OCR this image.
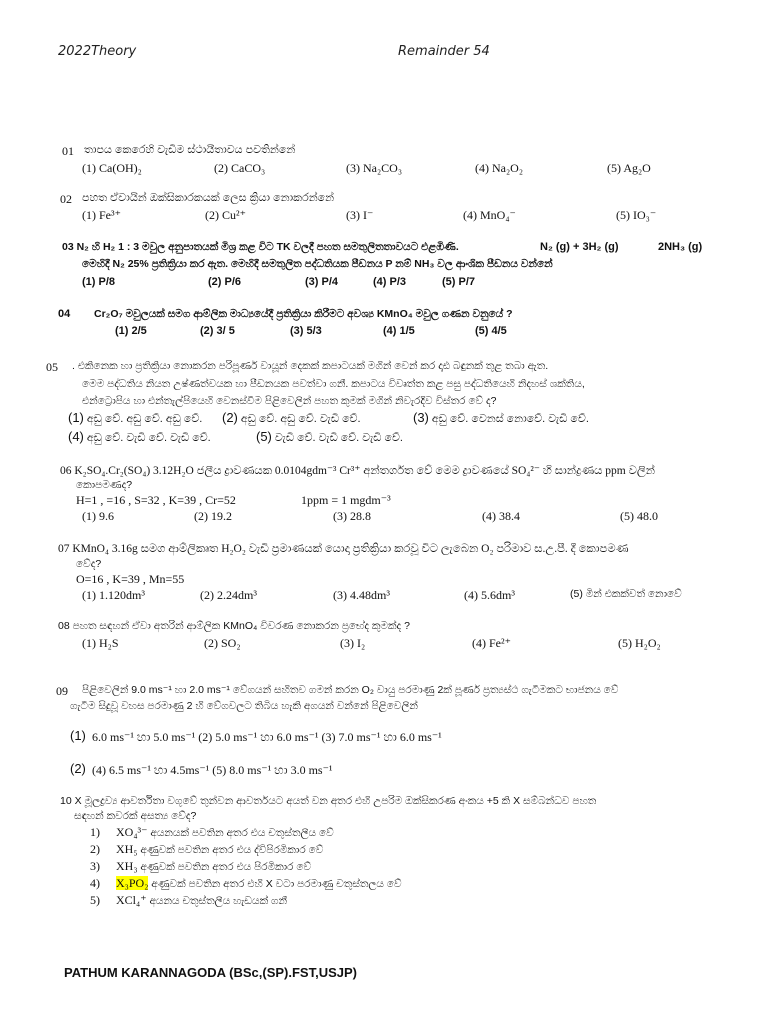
2022Theory	Remainder 54
01 තාපය කෙරෙහි වැඩිම ස්ථායීතාවය පවතින්නේ
(1) Ca(OH)₂	(2) CaCO₃	(3) Na₂CO₃	(4) Na₂O₂	(5) Ag₂O
02 පහත ඒවායින් ඔක්සිකාරකයක් ලෙස ක්‍රියා නොකරන්නේ
(1) Fe³⁺	(2) Cu²⁺	(3) I⁻	(4) MnO₄⁻	(5) IO₃⁻
03 N₂ හි H₂ 1 : 3 මවුල අනුපාතයක් මිශ්‍ර කළ විට TK වලදී පහත සමතුලිතතාවයට එළඹිණි.	N₂ (g) + 3H₂ (g)	2NH₃ (g)
මෙහිදී N₂ 25% ප්‍රතික්‍රියා කර ඇත. මෙහිදී සමතුලිත පද්ධතියක පීඩනය P නම් NH₃ වල ආංශික පීඩනය වන්නේ
(1) P/8	(2) P/6	(3) P/4	(4) P/3	(5) P/7
04 Cr₂O₇ මවුලයක් සමග ආම්ලික මාධ්‍යයේදී ප්‍රතික්‍රියා කිරීමට අවශ්‍ය KMnO₄ මවුල ගණන වනුයේ ?
(1) 2/5	(2) 3/ 5	(3) 5/3	(4) 1/5	(5) 4/5
05 . එකිනෙක හා ප්‍රතික්‍රියා නොකරන පරිපූර්ණ වායූන් දෙකක් කපාටයක් මගින් වෙන් කර දෘඪ බඳුනක් තුළ තබා ඇත.
මෙම පද්ධතිය නියත උෂ්ණත්වයක හා පීඩනයක පවත්වා ගනී. කපාටය විවෘත්ත කළ පසු පද්ධතියෙහි නිදහස් ශක්තිය,
එන්ට්‍රොපිය හා එන්තැල්පියෙහි වෙනස්වීම පිළිවෙලින් පහත කුමක් මගින් නිවැරදිව විස්තර වේ ද?
(1) අඩු වේ. අඩු වේ. අඩු වේ. (2) අඩු වේ. අඩු වේ. වැඩි වේ.	(3) අඩු වේ. වෙනස් නොවේ. වැඩි වේ.
(4) අඩු වේ. වැඩි වේ. වැඩි වේ.	(5) වැඩි වේ. වැඩි වේ. වැඩි වේ.
06 K₂SO₄.Cr₂(SO₄) 3.12H₂O ජලීය ද්‍රාවණයක 0.0104gdm⁻³ Cr³⁺ අන්තර්ගත වේ මෙම ද්‍රාවණයේ SO₄²⁻ හි සාන්ද්‍රණය ppm වලින්
කොපමණද?
H=1 , =16 , S=32 , K=39 , Cr=52	1ppm = 1 mgdm⁻³
(1) 9.6	(2) 19.2	(3) 28.8	(4) 38.4	(5) 48.0
07 KMnO₄ 3.16g සමග ආම්ලිකෘත H₂O₂ වැඩි ප්‍රමාණයක් යොදා ප්‍රතික්‍රියා කරවූ විට ලැබෙන O₂ පරිමාව ස.උ.පී. දී කොපමණ
වේද?
O=16 , K=39 , Mn=55
(1) 1.120dm³	(2) 2.24dm³	(3) 4.48dm³	(4) 5.6dm³	(5) මින් එකක්වත් නොවේ
08 පහත සඳහන් ඒවා අතරින් ආම්ලික KMnO₄ විවරණ නොකරන ප්‍රභේද කුමක්ද ?
(1) H₂S	(2) SO₂	(3) I₂	(4) Fe²⁺	(5) H₂O₂
09 පිළිවෙලින් 9.0 ms⁻¹ හා 2.0 ms⁻¹ වේගයන් සහිතව ගමන් කරන O₂ වායු පරමාණු 2ක් පූර්ණ ප්‍රත්‍යස්ථ ගැටීමකට භාජනය වේ
ගැටීම සිදුවූ වහස පරමාණු 2 හි වේගවලට තිබිය හැකි අගයන් වන්නේ පිළිවෙලින්
(1) 6.0 ms⁻¹ හා 5.0 ms⁻¹ (2) 5.0 ms⁻¹ හා 6.0 ms⁻¹ (3) 7.0 ms⁻¹ හා 6.0 ms⁻¹
(2) (4) 6.5 ms⁻¹ හා 4.5ms⁻¹ (5) 8.0 ms⁻¹ හා 3.0 ms⁻¹
10 X මූලද්‍රව්‍ය ආවර්තිතා වගුවේ තුන්වන ආවර්තයට අයත් වන අතර එහි උපරිම ඔක්සිකරණ අංකය +5 කි X සම්බන්ධව පහත
සඳහන් කවරක් අසත්‍ය වේද?
1) XO₄³⁻ අයනයක් පවතින අතර එය චතුස්තලීය වේ
2) XH₅ අණුවක් පවතින අතර එය ද්විපිරමිකාර වේ
3) XH₃ අණුවක් පවතින අතර එය පිරමිකාර වේ
4) X₃PO₂ අණුවක් පවතින අතර එහි X වටා පරමාණු චතුස්තලය වේ
5) XCl₄⁺ අයනය චතුස්තලීය හැඩයක් ගනී
PATHUM KARANNAGODA (BSc,(SP).FST,USJP)
